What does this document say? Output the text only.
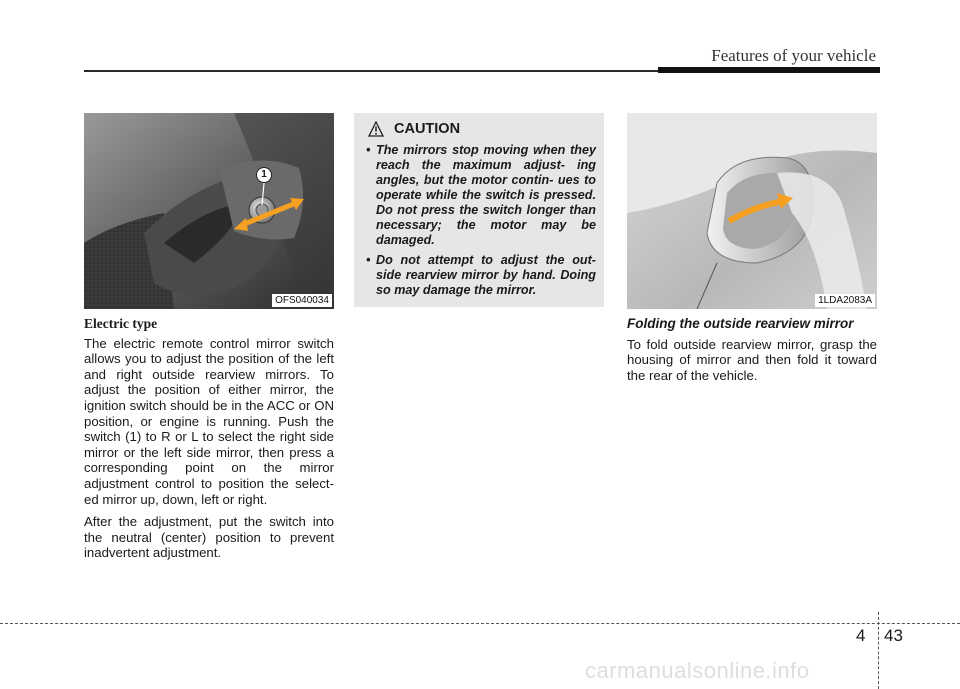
Features of your vehicle
1
OFS040034
Electric type

The electric remote control mirror switch allows you to adjust the position of the left and right outside rearview mirrors. To adjust the position of either mirror, the ignition switch should be in the ACC or ON position, or engine is running. Push the switch (1) to R or L to select the right side mirror or the left side mirror, then press a corresponding point on the mirror adjustment control to position the select- ed mirror up, down, left or right.

After the adjustment, put the switch into the neutral (center) position to prevent inadvertent adjustment.

CAUTION
• The mirrors stop moving when they reach the maximum adjust- ing angles, but the motor contin- ues to operate while the switch is pressed. Do not press the switch longer than necessary; the motor may be damaged.
• Do not attempt to adjust the out- side rearview mirror by hand. Doing so may damage the mirror.
1LDA2083A
Folding the outside rearview mirror

To fold outside rearview mirror, grasp the housing of mirror and then fold it toward the rear of the vehicle.

4 43
carmanualsonline.info
